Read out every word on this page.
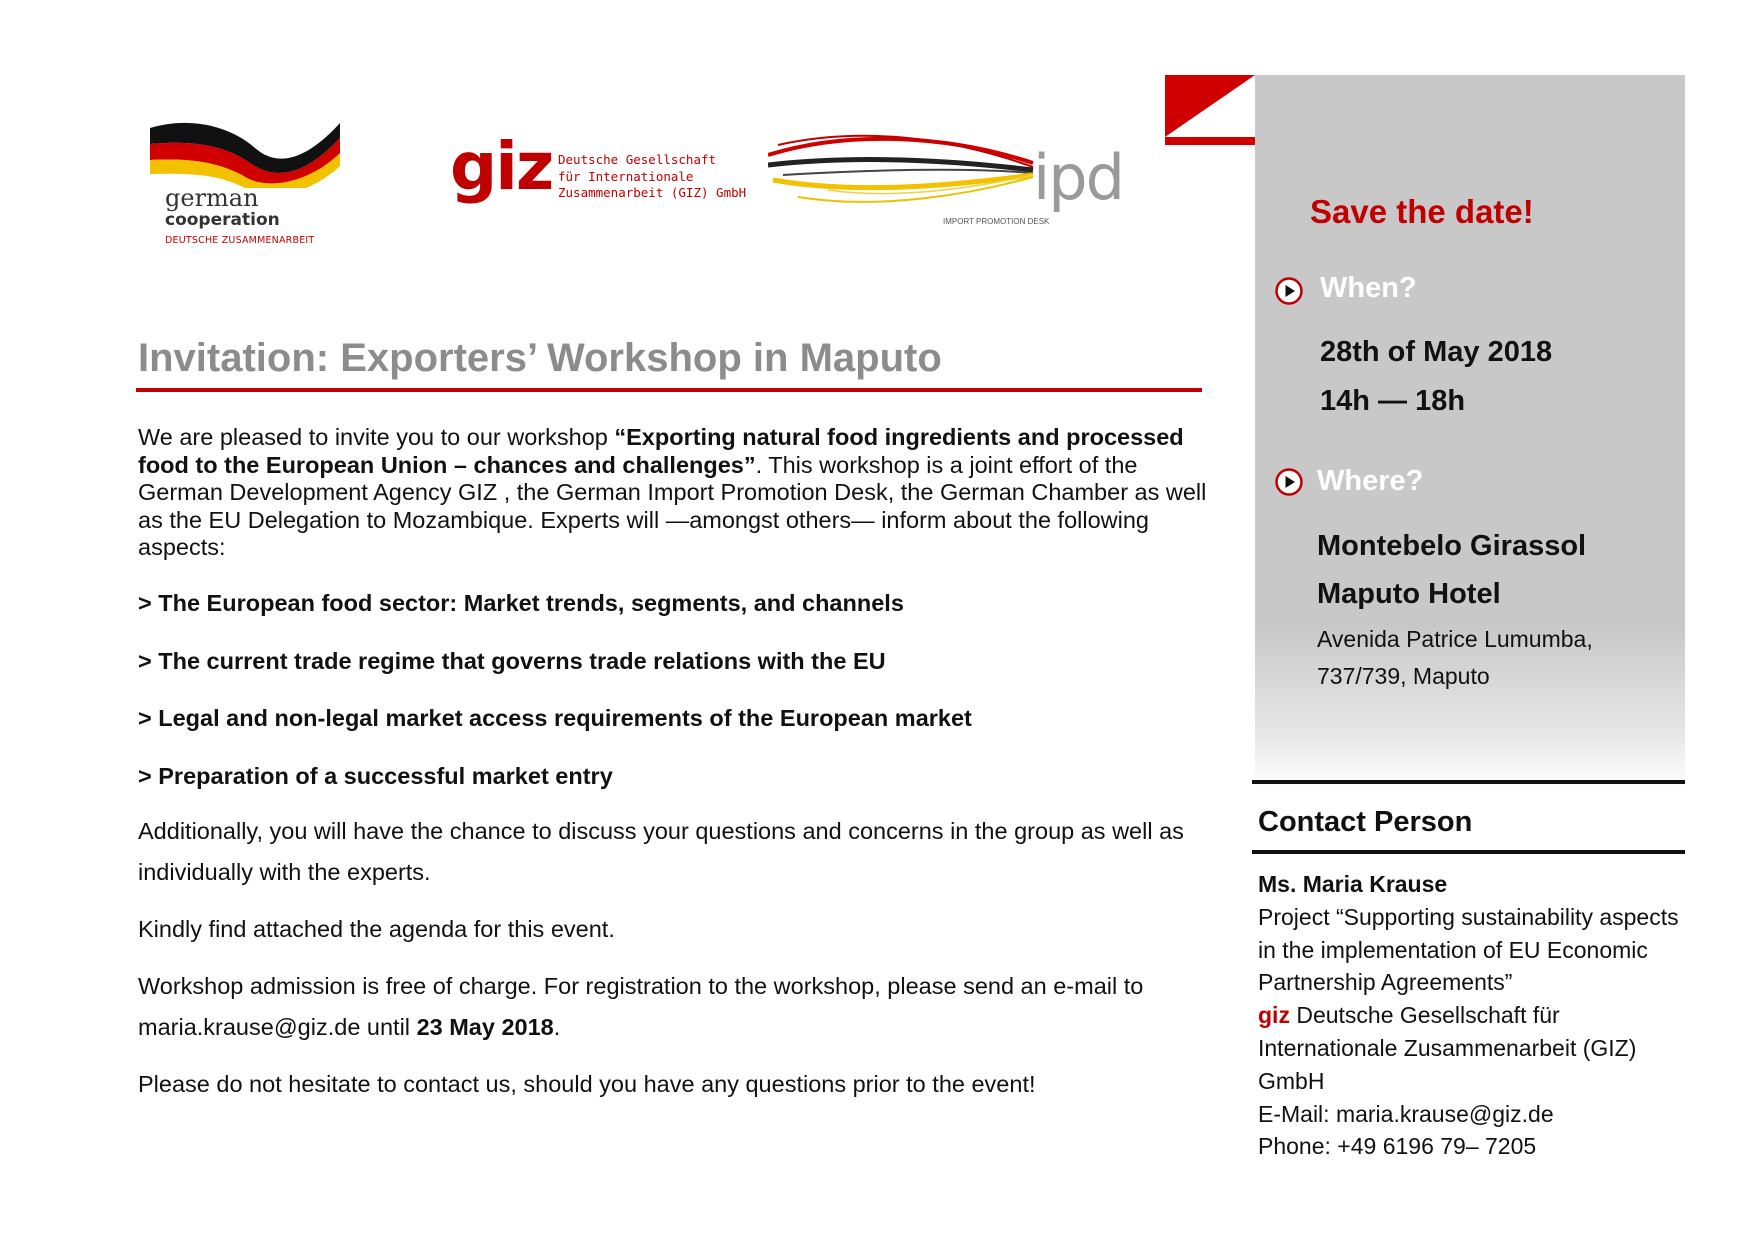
german
cooperation
DEUTSCHE ZUSAMMENARBEIT
giz Deutsche Gesellschaft
für Internationale
Zusammenarbeit (GIZ) GmbH	ipd
IMPORT PROMOTION DESK
Invitation: Exporters’ Workshop in Maputo
We are pleased to invite you to our workshop “Exporting natural food ingredients and processed food to the European Union – chances and challenges”. This workshop is a joint effort of the German Development Agency GIZ , the German Import Promotion Desk, the German Chamber as well as the EU Delegation to Mozambique. Experts will —amongst others— inform about the following aspects:
> The European food sector: Market trends, segments, and channels
> The current trade regime that governs trade relations with the EU
> Legal and non-legal market access requirements of the European market
> Preparation of a successful market entry
Additionally, you will have the chance to discuss your questions and concerns in the group as well as individually with the experts.
Kindly find attached the agenda for this event.
Workshop admission is free of charge. For registration to the workshop, please send an e-mail to maria.krause@giz.de until 23 May 2018.
Please do not hesitate to contact us, should you have any questions prior to the event!
Save the date!
When?
28th of May 2018
14h — 18h
Where?
Montebelo Girassol
Maputo Hotel
Avenida Patrice Lumumba,
737/739, Maputo
Contact Person
Ms. Maria Krause
Project “Supporting sustainability aspects in the implementation of EU Economic Partnership Agreements”
giz Deutsche Gesellschaft für Internationale Zusammenarbeit (GIZ) GmbH
E-Mail: maria.krause@giz.de
Phone: +49 6196 79– 7205
